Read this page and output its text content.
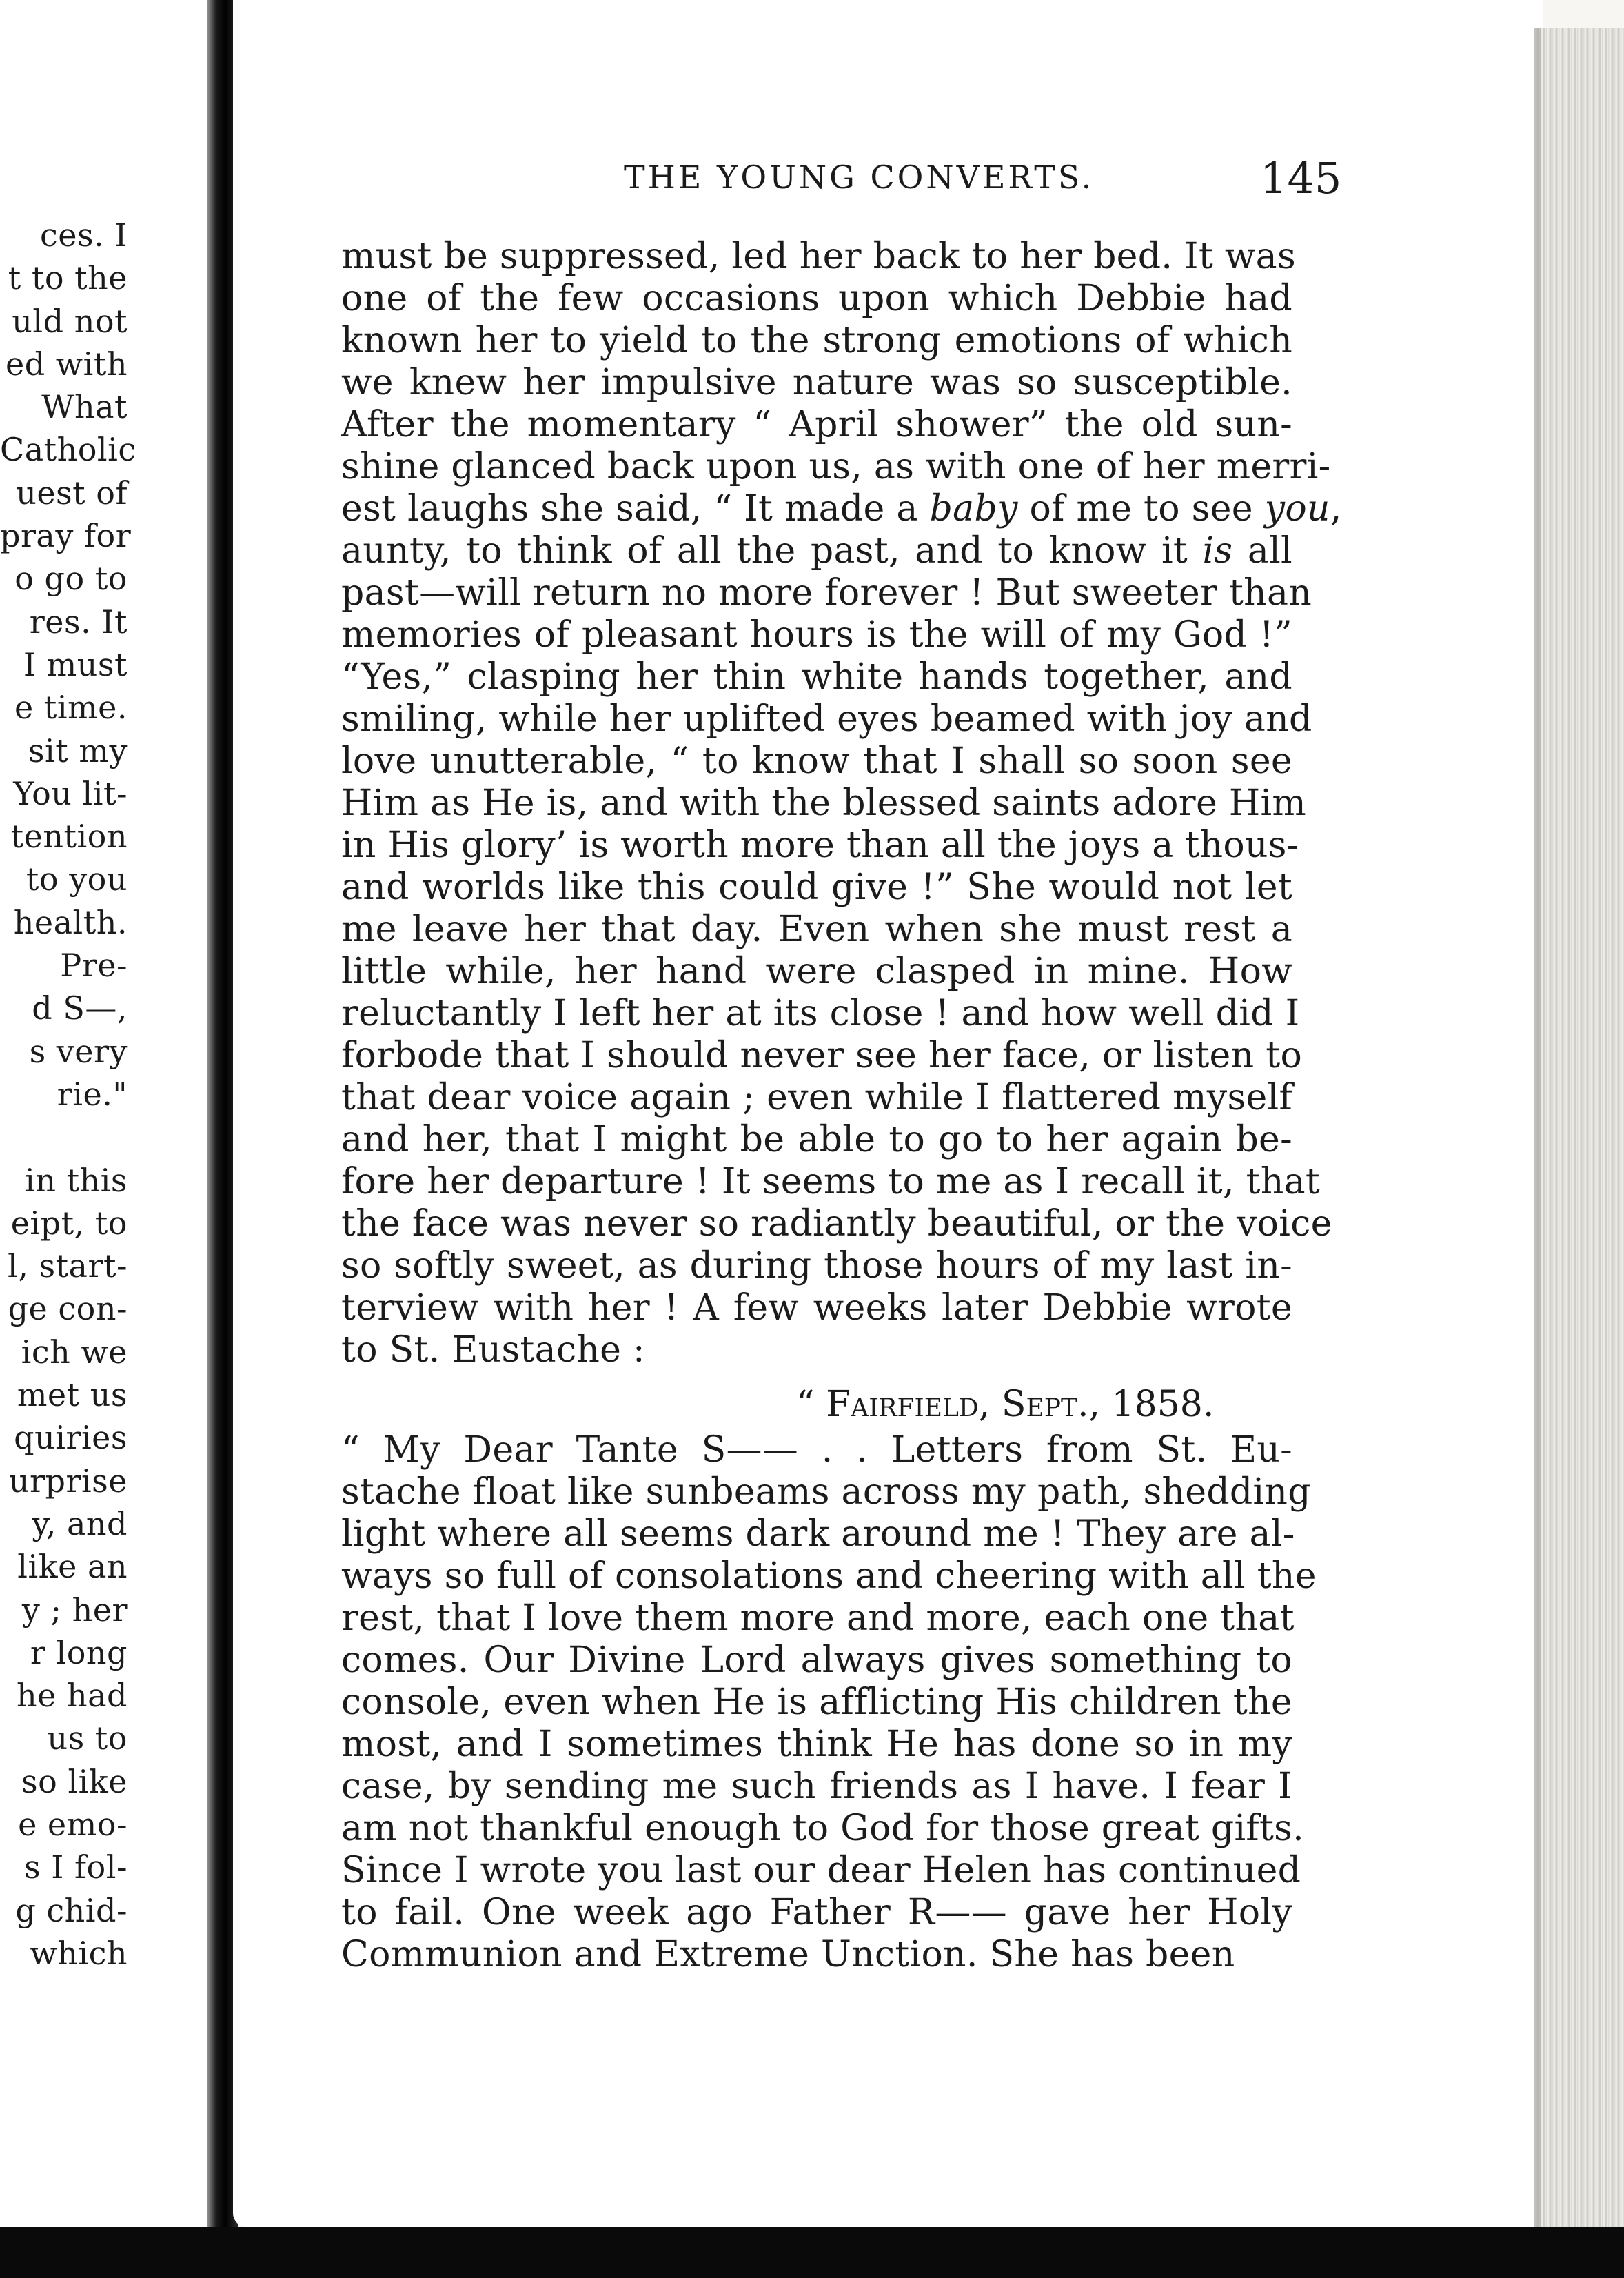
ces. I
t to the
uld not
ed with
What
Catholic
uest of
pray for
o go to
res. It
I must
e time.
sit my
You lit-
tention
to you
health.
Pre-
d S—,
s very
rie."

in this
eipt, to
l, start-
ge con-
ich we
met us
quiries
urprise
y, and
like an
y ; her
r long
he had
us to
so like
e emo-
s I fol-
g chid-
which
THE YOUNG CONVERTS.	145
must be suppressed, led her back to her bed. It was
one of the few occasions upon which Debbie had
known her to yield to the strong emotions of which
we knew her impulsive nature was so susceptible.
After the momentary “ April shower” the old sun-
shine glanced back upon us, as with one of her merri-
est laughs she said, “ It made a baby of me to see you
aunty, to think of all the past, and to know it is all
past—will return no more forever ! But sweeter than
memories of pleasant hours is the will of my God !”
“Yes,” clasping her thin white hands together, and
smiling, while her uplifted eyes beamed with joy and
love unutterable, “ to know that I shall so soon see
Him as He is, and with the blessed saints adore Him
in His glory’ is worth more than all the joys a thous-
and worlds like this could give !” She would not let
me leave her that day. Even when she must rest a
little while, her hand were clasped in mine. How
reluctantly I left her at its close ! and how well did I
forbode that I should never see her face, or listen to
that dear voice again ; even while I flattered myself
and her, that I might be able to go to her again be-
fore her departure ! It seems to me as I recall it, that
the face was never so radiantly beautiful, or the voice
so softly sweet, as during those hours of my last in-
terview with her ! A few weeks later Debbie wrote
to St. Eustache :
“ Fairfield, Sept., 1858.
“ My Dear Tante S—— . . Letters from St. Eu-
stache float like sunbeams across my path, shedding
light where all seems dark around me ! They are al-
ways so full of consolations and cheering with all the
rest, that I love them more and more, each one that
comes. Our Divine Lord always gives something to
console, even when He is afflicting His children the
most, and I sometimes think He has done so in my
case, by sending me such friends as I have. I fear I
am not thankful enough to God for those great gifts.
Since I wrote you last our dear Helen has continued
to fail. One week ago Father R—— gave her Holy
Communion and Extreme Unction. She has been
